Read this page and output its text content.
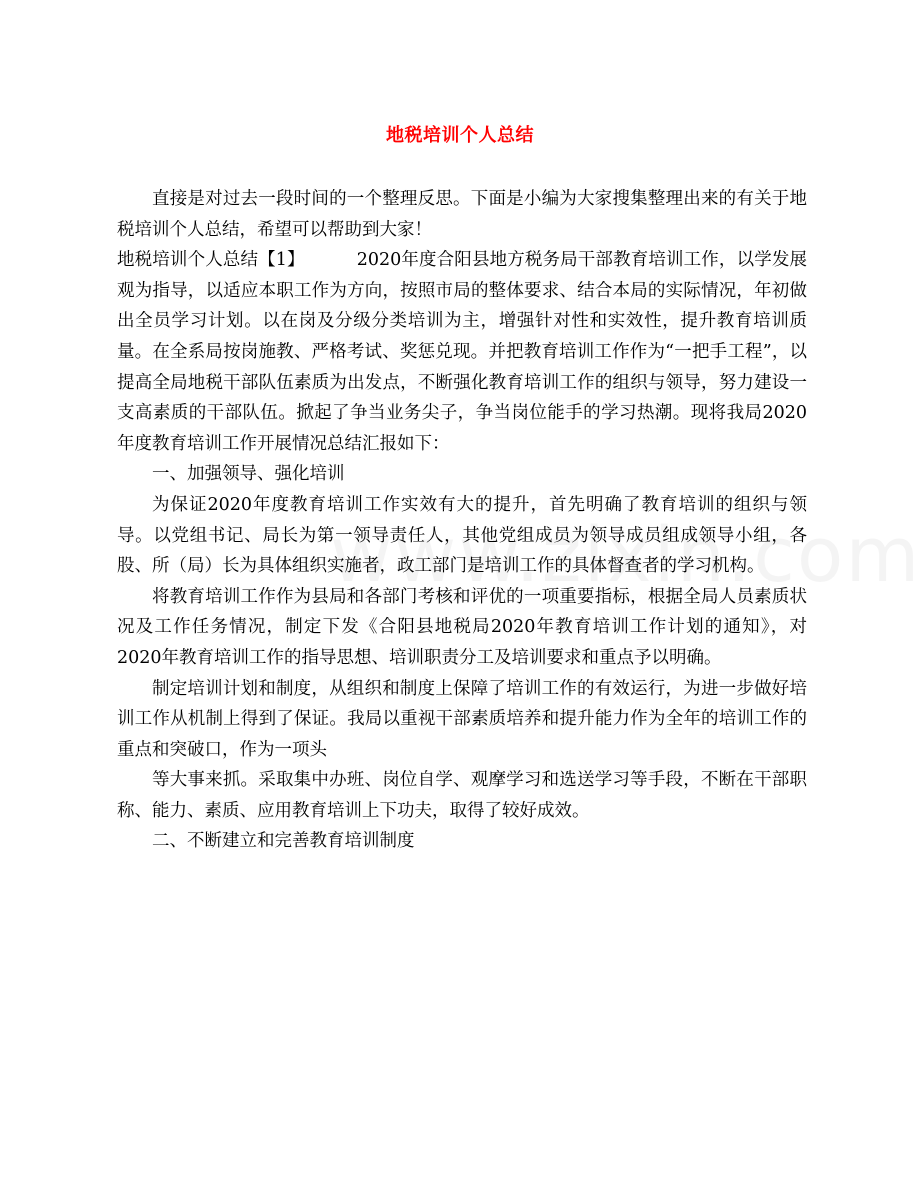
地税培训个人总结

直接是对过去一段时间的一个整理反思。下面是小编为大家搜集整理出来的有关于地税培训个人总结，希望可以帮助到大家！

地税培训个人总结【1】	2020年度合阳县地方税务局干部教育培训工作，以学发展观为指导，以适应本职工作为方向，按照市局的整体要求、结合本局的实际情况，年初做出全员学习计划。以在岗及分级分类培训为主，增强针对性和实效性，提升教育培训质量。在全系局按岗施教、严格考试、奖惩兑现。并把教育培训工作作为“一把手工程”，以提高全局地税干部队伍素质为出发点，不断强化教育培训工作的组织与领导，努力建设一支高素质的干部队伍。掀起了争当业务尖子，争当岗位能手的学习热潮。现将我局2020年度教育培训工作开展情况总结汇报如下：

一、加强领导、强化培训

为保证2020年度教育培训工作实效有大的提升，首先明确了教育培训的组织与领导。以党组书记、局长为第一领导责任人，其他党组成员为领导成员组成领导小组，各股、所（局）长为具体组织实施者，政工部门是培训工作的具体督查者的学习机构。

将教育培训工作作为县局和各部门考核和评优的一项重要指标，根据全局人员素质状况及工作任务情况，制定下发《合阳县地税局2020年教育培训工作计划的通知》，对2020年教育培训工作的指导思想、培训职责分工及培训要求和重点予以明确。

制定培训计划和制度，从组织和制度上保障了培训工作的有效运行，为进一步做好培训工作从机制上得到了保证。我局以重视干部素质培养和提升能力作为全年的培训工作的重点和突破口，作为一项头

等大事来抓。采取集中办班、岗位自学、观摩学习和选送学习等手段，不断在干部职称、能力、素质、应用教育培训上下功夫，取得了较好成效。

二、不断建立和完善教育培训制度
